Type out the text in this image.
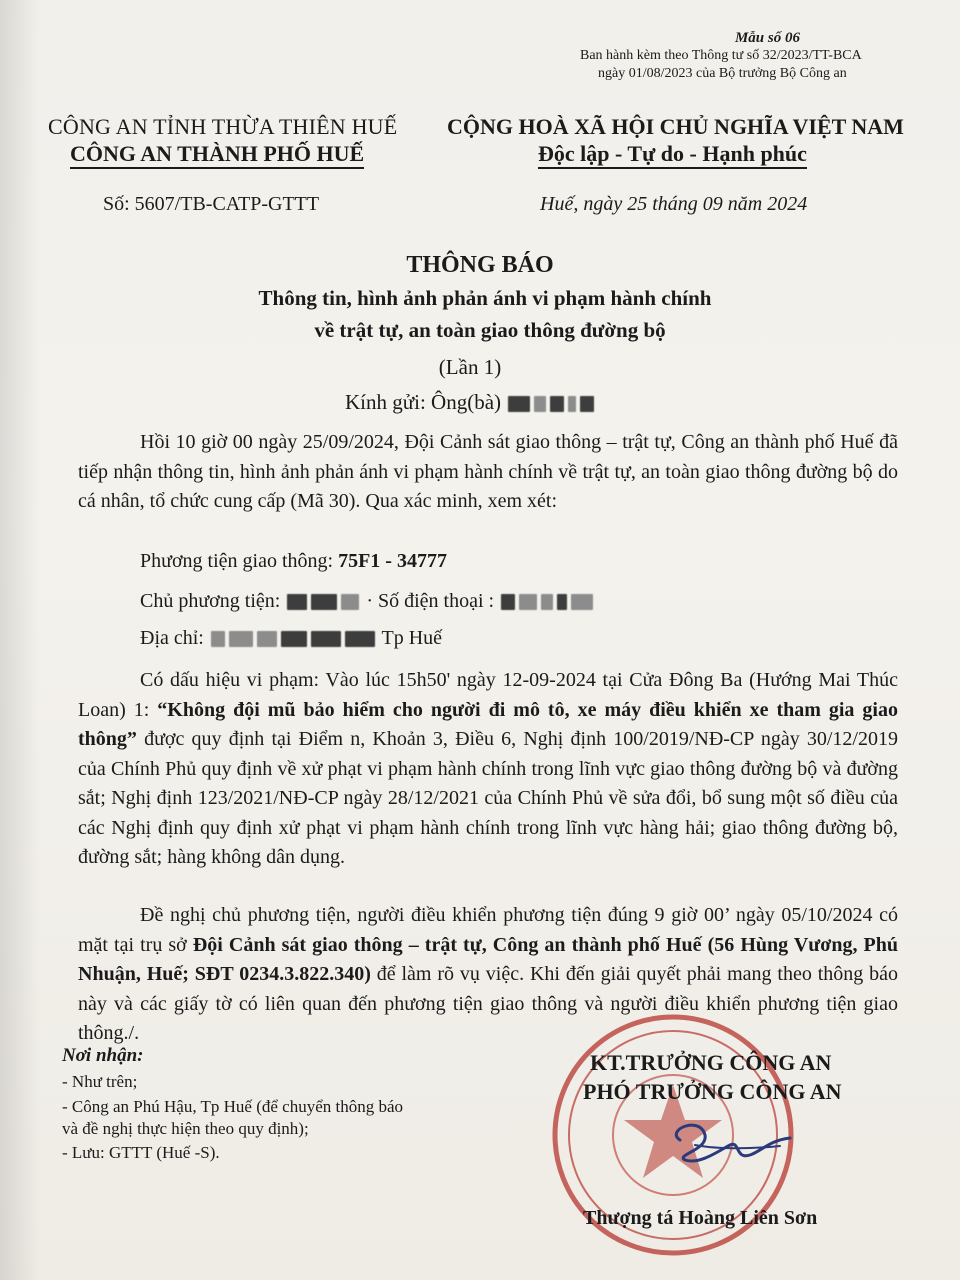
Mẫu số 06
Ban hành kèm theo Thông tư số 32/2023/TT-BCA
ngày 01/08/2023 của Bộ trưởng Bộ Công an
CÔNG AN TỈNH THỪA THIÊN HUẾ
CÔNG AN THÀNH PHỐ HUẾ
CỘNG HOÀ XÃ HỘI CHỦ NGHĨA VIỆT NAM
Độc lập - Tự do - Hạnh phúc
Số: 5607/TB-CATP-GTTT	Huế, ngày 25 tháng 09 năm 2024
THÔNG BÁO
Thông tin, hình ảnh phản ánh vi phạm hành chính
về trật tự, an toàn giao thông đường bộ
(Lần 1)
Kính gửi: Ông(bà)
Hồi 10 giờ 00 ngày 25/09/2024, Đội Cảnh sát giao thông – trật tự, Công an thành phố Huế đã tiếp nhận thông tin, hình ảnh phản ánh vi phạm hành chính về trật tự, an toàn giao thông đường bộ do cá nhân, tổ chức cung cấp (Mã 30). Qua xác minh, xem xét:
Phương tiện giao thông: 75F1 - 34777
Chủ phương tiện:	· Số điện thoại :
Địa chỉ:	Tp Huế
Có dấu hiệu vi phạm: Vào lúc 15h50' ngày 12-09-2024 tại Cửa Đông Ba (Hướng Mai Thúc Loan) 1: “Không đội mũ bảo hiểm cho người đi mô tô, xe máy điều khiển xe tham gia giao thông” được quy định tại Điểm n, Khoản 3, Điều 6, Nghị định 100/2019/NĐ-CP ngày 30/12/2019 của Chính Phủ quy định về xử phạt vi phạm hành chính trong lĩnh vực giao thông đường bộ và đường sắt; Nghị định 123/2021/NĐ-CP ngày 28/12/2021 của Chính Phủ về sửa đổi, bổ sung một số điều của các Nghị định quy định xử phạt vi phạm hành chính trong lĩnh vực hàng hải; giao thông đường bộ, đường sắt; hàng không dân dụng.
Đề nghị chủ phương tiện, người điều khiển phương tiện đúng 9 giờ 00’ ngày 05/10/2024 có mặt tại trụ sở Đội Cảnh sát giao thông – trật tự, Công an thành phố Huế (56 Hùng Vương, Phú Nhuận, Huế; SĐT 0234.3.822.340) để làm rõ vụ việc. Khi đến giải quyết phải mang theo thông báo này và các giấy tờ có liên quan đến phương tiện giao thông và người điều khiển phương tiện giao thông./.
Nơi nhận:
- Như trên;
- Công an Phú Hậu, Tp Huế (để chuyển thông báo
và đề nghị thực hiện theo quy định);
- Lưu: GTTT (Huế -S).
KT.TRƯỞNG CÔNG AN
PHÓ TRƯỞNG CÔNG AN
Thượng tá Hoàng Liên Sơn
